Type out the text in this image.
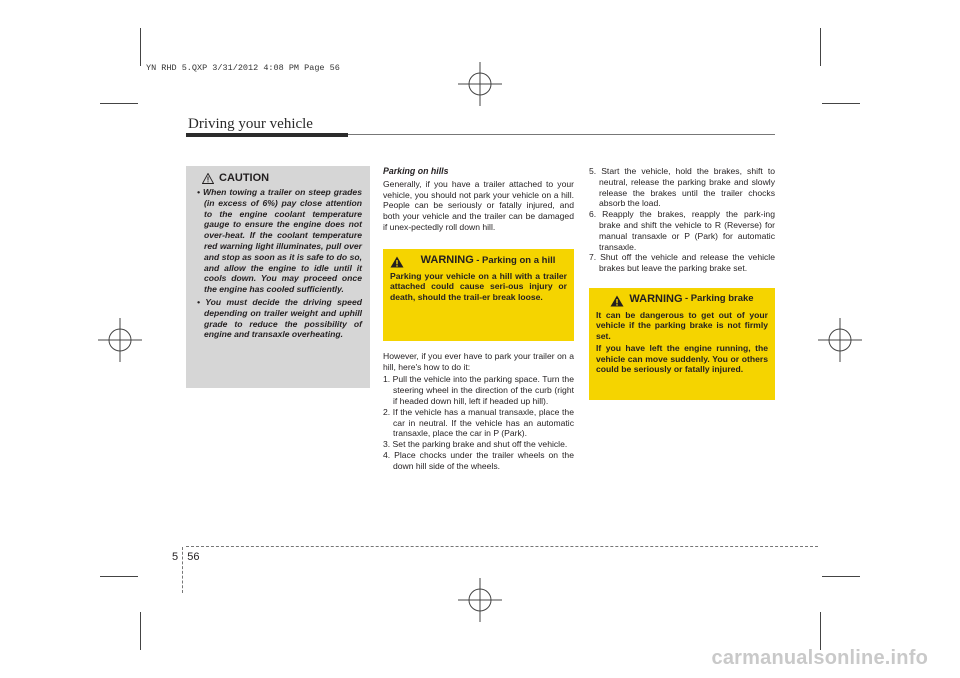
YN RHD 5.QXP 3/31/2012 4:08 PM Page 56
Driving your vehicle
CAUTION
• When towing a trailer on steep grades (in excess of 6%) pay close attention to the engine coolant temperature gauge to ensure the engine does not over-heat. If the coolant temperature red warning light illuminates, pull over and stop as soon as it is safe to do so, and allow the engine to idle until it cools down. You may proceed once the engine has cooled sufficiently.
• You must decide the driving speed depending on trailer weight and uphill grade to reduce the possibility of engine and transaxle overheating.
Parking on hills

Generally, if you have a trailer attached to your vehicle, you should not park your vehicle on a hill. People can be seriously or fatally injured, and both your vehicle and the trailer can be damaged if unex-pectedly roll down hill.

WARNING - Parking on a hill
Parking your vehicle on a hill with a trailer attached could cause seri-ous injury or death, should the trail-er break loose.

However, if you ever have to park your trailer on a hill, here's how to do it:

1. Pull the vehicle into the parking space. Turn the steering wheel in the direction of the curb (right if headed down hill, left if headed up hill).
2. If the vehicle has a manual transaxle, place the car in neutral. If the vehicle has an automatic transaxle, place the car in P (Park).
3. Set the parking brake and shut off the vehicle.
4. Place chocks under the trailer wheels on the down hill side of the wheels.
5. Start the vehicle, hold the brakes, shift to neutral, release the parking brake and slowly release the brakes until the trailer chocks absorb the load.
6. Reapply the brakes, reapply the park-ing brake and shift the vehicle to R (Reverse) for manual transaxle or P (Park) for automatic transaxle.
7. Shut off the vehicle and release the vehicle brakes but leave the parking brake set.
WARNING
- Parking brake
It can be dangerous to get out of your vehicle if the parking brake is not firmly set.
If you have left the engine running, the vehicle can move suddenly. You or others could be seriously or fatally injured.
5 56
carmanualsonline.info
